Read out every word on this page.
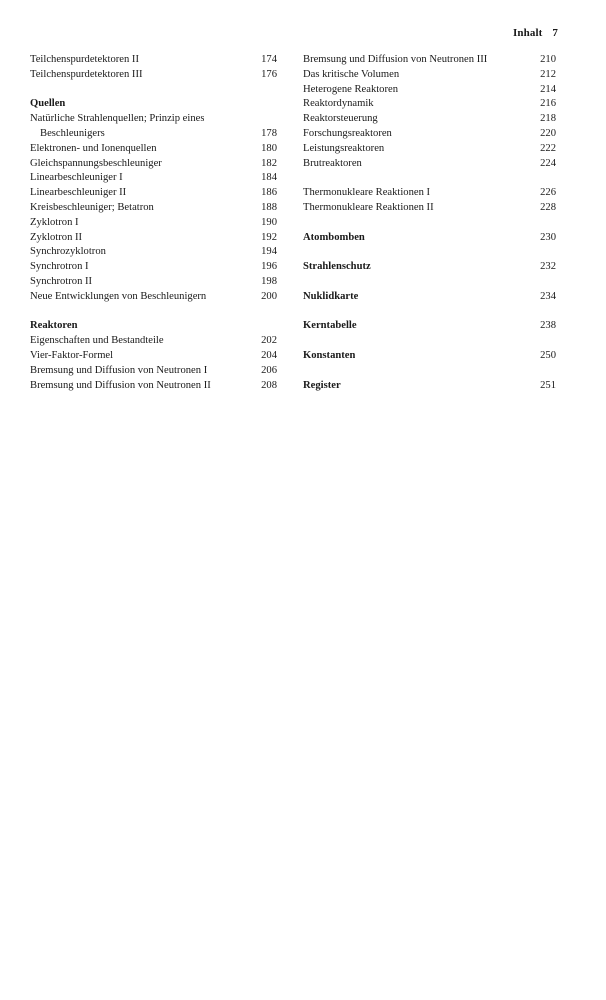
Inhalt 7
Teilchenspurdetektoren II	174
Teilchenspurdetektoren III	176
Quellen
Natürliche Strahlenquellen; Prinzip eines
Beschleunigers	178
Elektronen- und Ionenquellen	180
Gleichspannungsbeschleuniger	182
Linearbeschleuniger I	184
Linearbeschleuniger II	186
Kreisbeschleuniger; Betatron	188
Zyklotron I	190
Zyklotron II	192
Synchrozyklotron	194
Synchrotron I	196
Synchrotron II	198
Neue Entwicklungen von Beschleunigern	200
Reaktoren
Eigenschaften und Bestandteile	202
Vier-Faktor-Formel	204
Bremsung und Diffusion von Neutronen I	206
Bremsung und Diffusion von Neutronen II	208
Bremsung und Diffusion von Neutronen III	210
Das kritische Volumen	212
Heterogene Reaktoren	214
Reaktordynamik	216
Reaktorsteuerung	218
Forschungsreaktoren	220
Leistungsreaktoren	222
Brutreaktoren	224
Thermonukleare Reaktionen I	226
Thermonukleare Reaktionen II	228
Atombomben	230
Strahlenschutz	232
Nuklidkarte	234
Kerntabelle	238
Konstanten	250
Register	251
